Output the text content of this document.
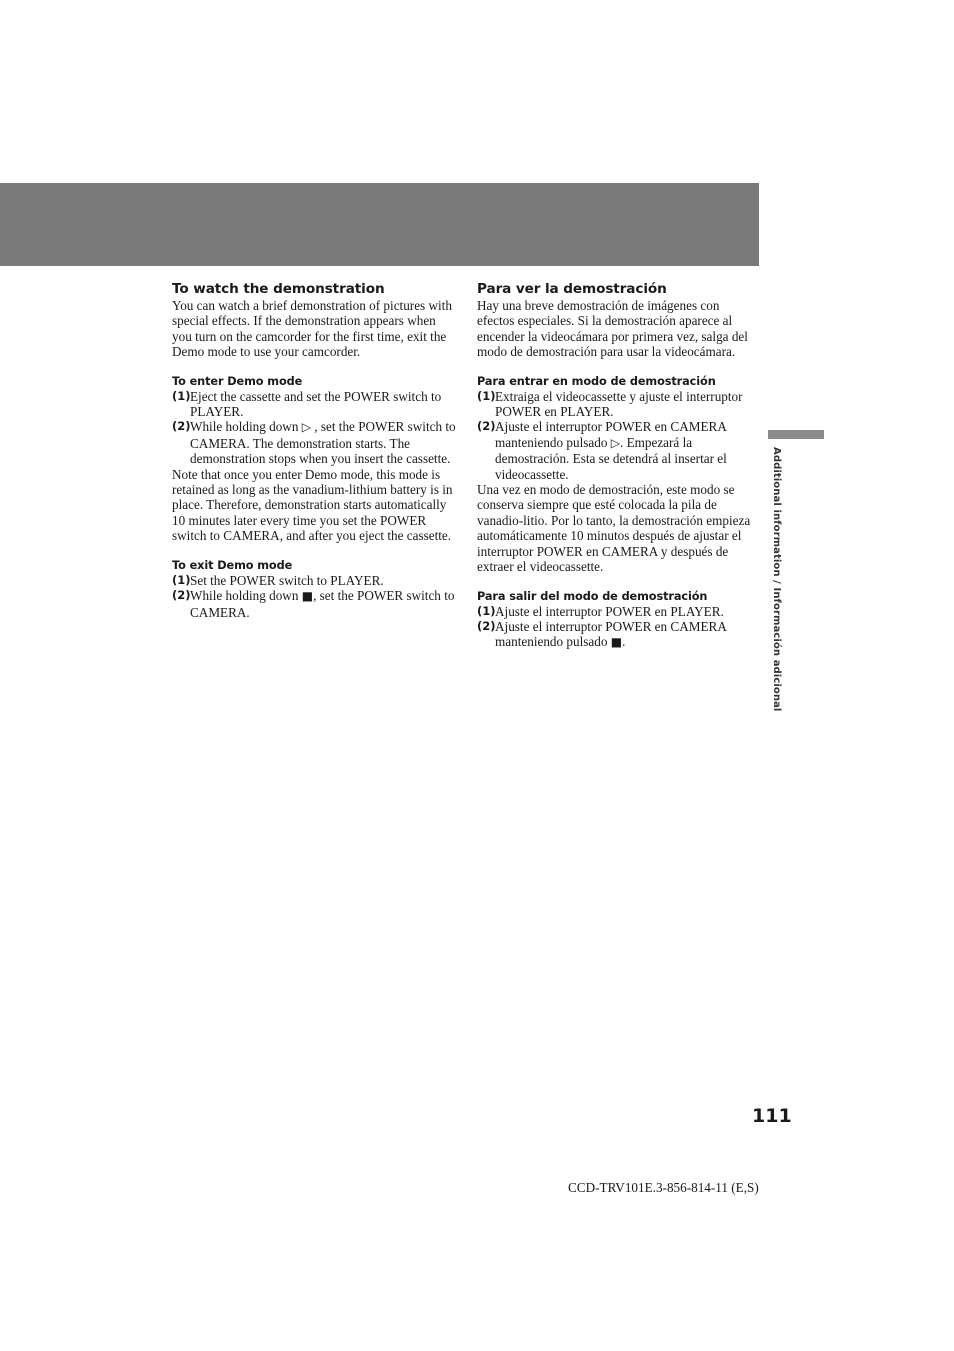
To watch the demonstration

You can watch a brief demonstration of pictures with special effects. If the demonstration appears when you turn on the camcorder for the first time, exit the Demo mode to use your camcorder.

To enter Demo mode

(1) Eject the cassette and set the POWER switch to PLAYER.

(2) While holding down ▷ , set the POWER switch to CAMERA. The demonstration starts. The demonstration stops when you insert the cassette.

Note that once you enter Demo mode, this mode is retained as long as the vanadium-lithium battery is in place. Therefore, demonstration starts automatically 10 minutes later every time you set the POWER switch to CAMERA, and after you eject the cassette.

To exit Demo mode

(1) Set the POWER switch to PLAYER.

(2) While holding down ■, set the POWER switch to CAMERA.

Para ver la demostración

Hay una breve demostración de imágenes con efectos especiales. Si la demostración aparece al encender la videocámara por primera vez, salga del modo de demostración para usar la videocámara.

Para entrar en modo de demostración

(1) Extraiga el videocassette y ajuste el interruptor POWER en PLAYER.

(2) Ajuste el interruptor POWER en CAMERA manteniendo pulsado ▷. Empezará la demostración. Esta se detendrá al insertar el videocassette.

Una vez en modo de demostración, este modo se conserva siempre que esté colocada la pila de vanadio-litio. Por lo tanto, la demostración empieza automáticamente 10 minutos después de ajustar el interruptor POWER en CAMERA y después de extraer el videocassette.

Para salir del modo de demostración

(1) Ajuste el interruptor POWER en PLAYER.

(2) Ajuste el interruptor POWER en CAMERA manteniendo pulsado ■.	Additional information / Información adicional
111
CCD-TRV101E.3-856-814-11 (E,S)
